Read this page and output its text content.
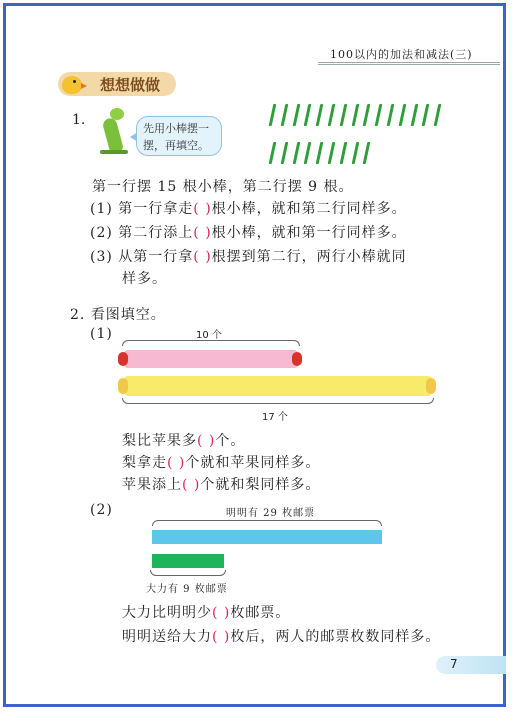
100以内的加法和减法(三)
想想做做
1.
先用小棒摆一摆，再填空。
第一行摆 15 根小棒，第二行摆 9 根。
(1) 第一行拿走( )根小棒，就和第二行同样多。
(2) 第二行添上( )根小棒，就和第一行同样多。
(3) 从第一行拿( )根摆到第二行，两行小棒就同
样多。
2. 看图填空。
(1)	10 个
17 个
梨比苹果多( )个。
梨拿走( )个就和苹果同样多。
苹果添上( )个就和梨同样多。
(2)	明明有 29 枚邮票
大力有 9 枚邮票
大力比明明少( )枚邮票。
明明送给大力( )枚后，两人的邮票枚数同样多。
7
